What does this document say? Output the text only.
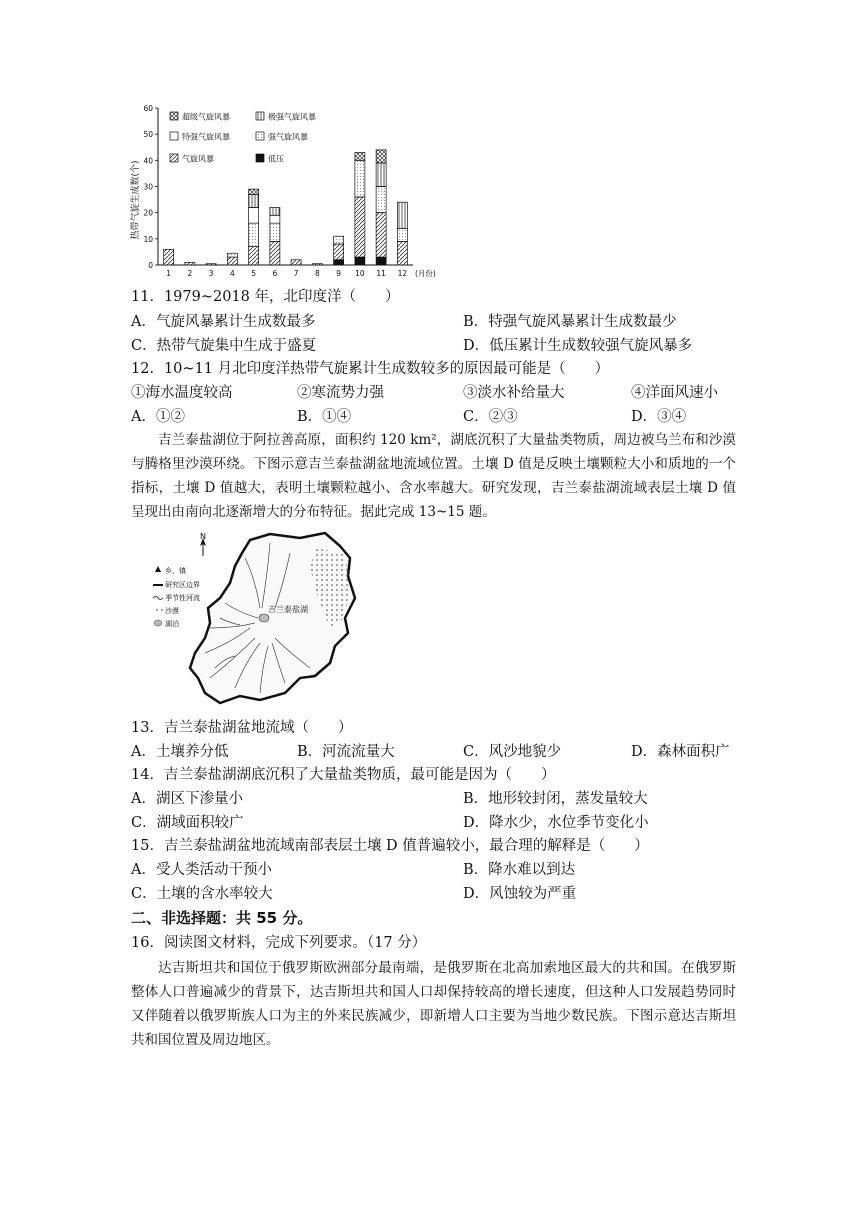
热带气旋生成数(个)
0
10
20
30
40
50
60
1 2 3 4 5 6 7 8 9 10 11 12 (月份)
超级气旋风暴	极强气旋风暴
特强气旋风暴	强气旋风暴
气旋风暴	低压
11．1979~2018 年，北印度洋（　　）
A．气旋风暴累计生成数最多	B．特强气旋风暴累计生成数最少
C．热带气旋集中生成于盛夏	D．低压累计生成数较强气旋风暴多
12．10~11 月北印度洋热带气旋累计生成数较多的原因最可能是（　　）
①海水温度较高	②寒流势力强	③淡水补给量大	④洋面风速小
A．①②	B．①④	C．②③	D．③④
吉兰泰盐湖位于阿拉善高原，面积约 120 km²，湖底沉积了大量盐类物质，周边被乌兰布和沙漠与腾格里沙漠环绕。下图示意吉兰泰盐湖盆地流域位置。土壤 D 值是反映土壤颗粒大小和质地的一个指标，土壤 D 值越大，表明土壤颗粒越小、含水率越大。研究发现，吉兰泰盐湖流域表层土壤 D 值呈现出由南向北逐渐增大的分布特征。据此完成 13~15 题。
N
吉兰泰盐湖
乡、镇
研究区边界
季节性河流
沙漠
湖泊
13．吉兰泰盐湖盆地流域（　　）
A．土壤养分低	B．河流流量大	C．风沙地貌少	D．森林面积广
14．吉兰泰盐湖湖底沉积了大量盐类物质，最可能是因为（　　）
A．湖区下渗量小	B．地形较封闭，蒸发量较大
C．湖域面积较广	D．降水少，水位季节变化小
15．吉兰泰盐湖盆地流域南部表层土壤 D 值普遍较小，最合理的解释是（　　）
A．受人类活动干预小	B．降水难以到达
C．土壤的含水率较大	D．风蚀较为严重
二、非选择题：共 55 分。
16．阅读图文材料，完成下列要求。（17 分）
达吉斯坦共和国位于俄罗斯欧洲部分最南端，是俄罗斯在北高加索地区最大的共和国。在俄罗斯整体人口普遍减少的背景下，达吉斯坦共和国人口却保持较高的增长速度，但这种人口发展趋势同时又伴随着以俄罗斯族人口为主的外来民族减少，即新增人口主要为当地少数民族。下图示意达吉斯坦共和国位置及周边地区。
